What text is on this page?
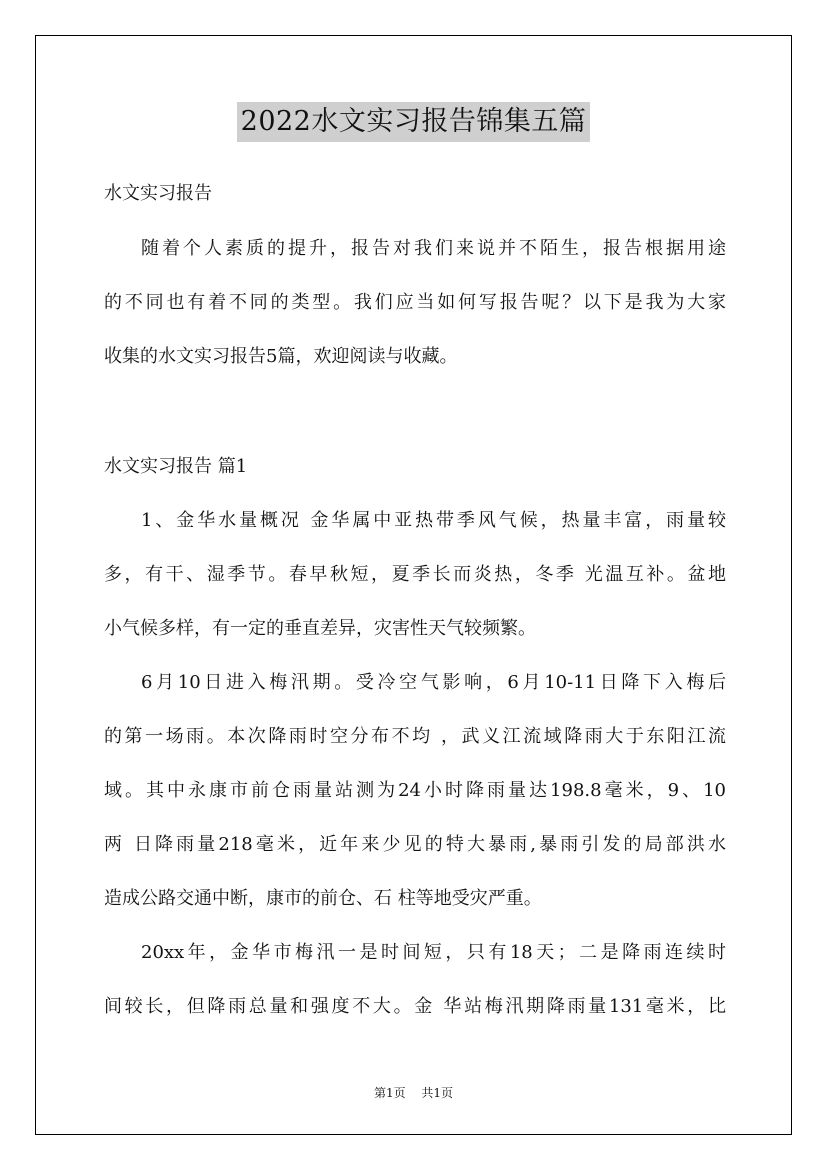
2022水文实习报告锦集五篇
水文实习报告
随着个人素质的提升，报告对我们来说并不陌生，报告根据用途
的不同也有着不同的类型。我们应当如何写报告呢？以下是我为大家
收集的水文实习报告5篇，欢迎阅读与收藏。
水文实习报告 篇1
1、金华水量概况 金华属中亚热带季风气候，热量丰富，雨量较
多，有干、湿季节。春早秋短，夏季长而炎热，冬季 光温互补。盆地
小气候多样，有一定的垂直差异，灾害性天气较频繁。
6月10日进入梅汛期。受冷空气影响，6月10-11日降下入梅后
的第一场雨。本次降雨时空分布不均 ，武义江流域降雨大于东阳江流
域。其中永康市前仓雨量站测为24小时降雨量达198.8毫米，9、10
两 日降雨量218毫米，近年来少见的特大暴雨,暴雨引发的局部洪水
造成公路交通中断，康市的前仓、石 柱等地受灾严重。
20xx年，金华市梅汛一是时间短，只有18天；二是降雨连续时
间较长，但降雨总量和强度不大。金 华站梅汛期降雨量131毫米，比
第1页 共1页
